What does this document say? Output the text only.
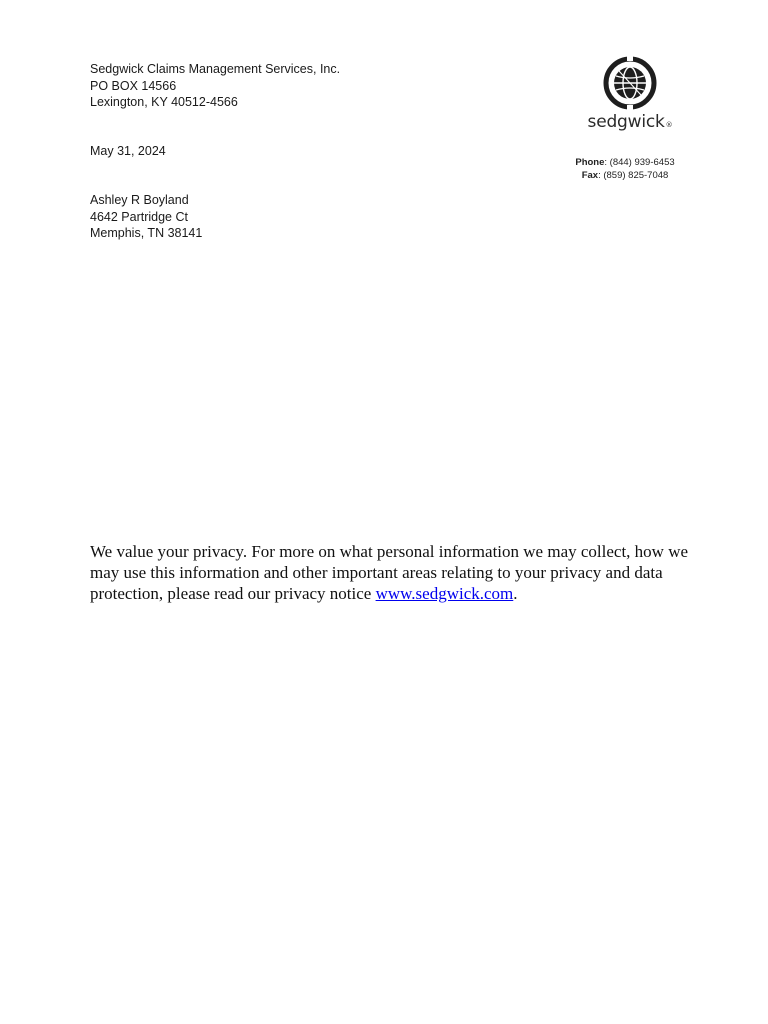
Sedgwick Claims Management Services, Inc.
PO BOX 14566
Lexington, KY 40512-4566
May 31, 2024
Ashley R Boyland
4642 Partridge Ct
Memphis, TN 38141
sedgwick®
Phone: (844) 939-6453
Fax: (859) 825-7048
We value your privacy. For more on what personal information we may collect, how we may use this information and other important areas relating to your privacy and data protection, please read our privacy notice www.sedgwick.com.
